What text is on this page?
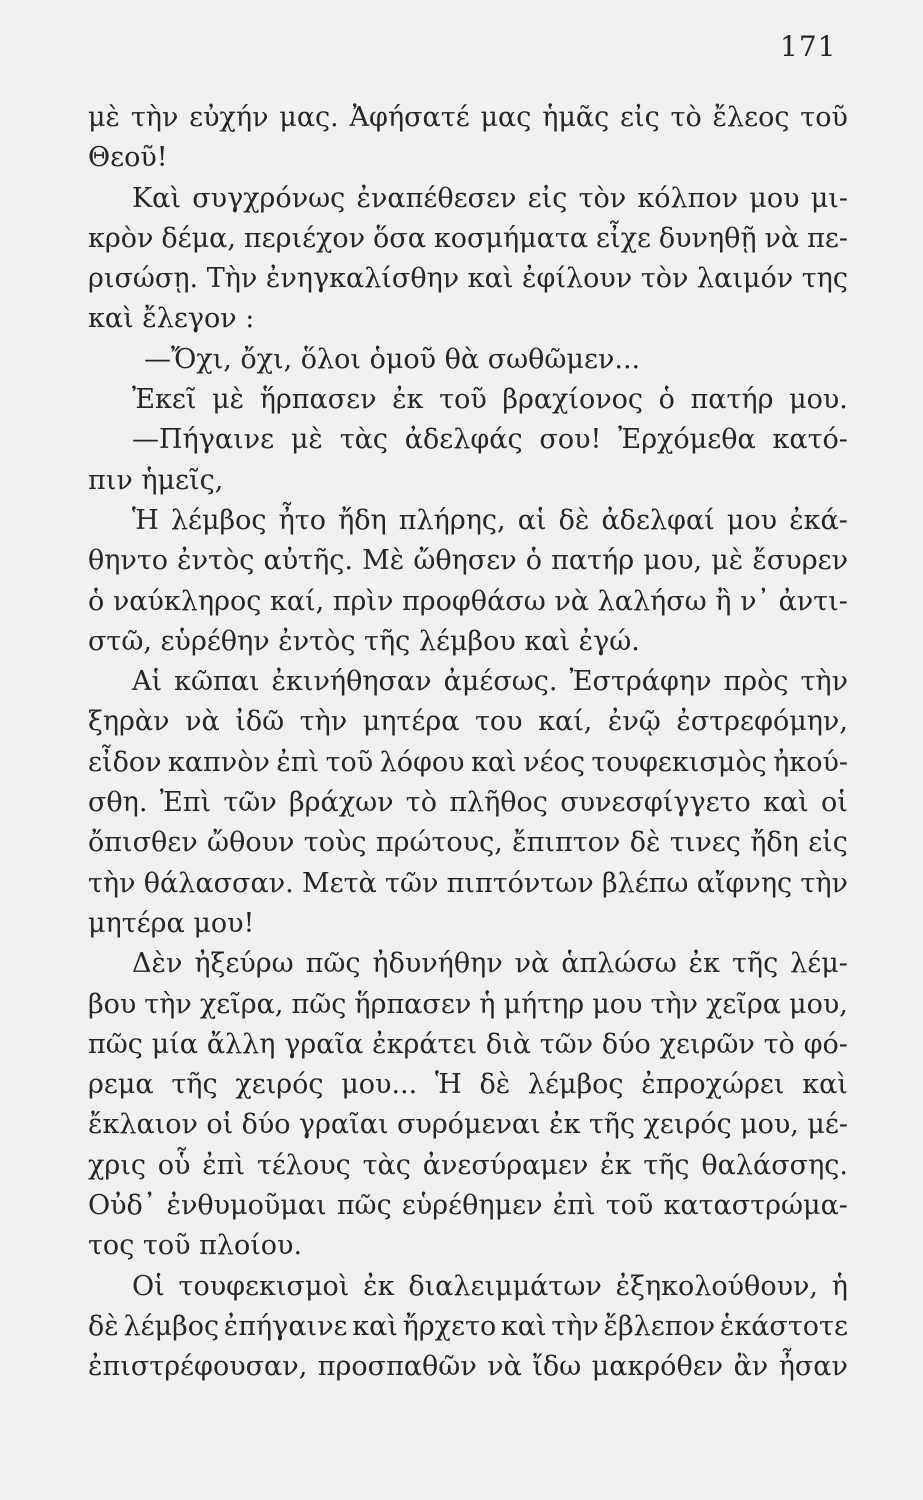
171
μὲ τὴν εὐχήν μας. Ἀφήσατέ μας ἡμᾶς εἰς τὸ ἔλεος τοῦ
Θεοῦ!
Καὶ συγχρόνως ἐναπέθεσεν εἰς τὸν κόλπον μου μι-
κρὸν δέμα, περιέχον ὅσα κοσμήματα εἶχε δυνηθῇ νὰ πε-
ρισώσῃ. Τὴν ἐνηγκαλίσθην καὶ ἐφίλουν τὸν λαιμόν της
καὶ ἔλεγον :
—Ὄχι, ὄχι, ὅλοι ὁμοῦ θὰ σωθῶμεν...
Ἐκεῖ μὲ ἥρπασεν ἐκ τοῦ βραχίονος ὁ πατήρ μου.
—Πήγαινε μὲ τὰς ἀδελφάς σου! Ἐρχόμεθα κατό-
πιν ἡμεῖς,
Ἡ λέμβος ἦτο ἤδη πλήρης, αἱ δὲ ἀδελφαί μου ἐκά-
θηντο ἐντὸς αὐτῆς. Μὲ ὤθησεν ὁ πατήρ μου, μὲ ἔσυρεν
ὁ ναύκληρος καί, πρὶν προφθάσω νὰ λαλήσω ἢ ν᾽ ἀντι-
στῶ, εὑρέθην ἐντὸς τῆς λέμβου καὶ ἐγώ.
Αἱ κῶπαι ἐκινήθησαν ἀμέσως. Ἐστράφην πρὸς τὴν
ξηρὰν νὰ ἰδῶ τὴν μητέρα του καί, ἐνῷ ἐστρεφόμην,
εἶδον καπνὸν ἐπὶ τοῦ λόφου καὶ νέος τουφεκισμὸς ἠκού-
σθη. Ἐπὶ τῶν βράχων τὸ πλῆθος συνεσφίγγετο καὶ οἱ
ὄπισθεν ὤθουν τοὺς πρώτους, ἔπιπτον δὲ τινες ἤδη εἰς
τὴν θάλασσαν. Μετὰ τῶν πιπτόντων βλέπω αἴφνης τὴν
μητέρα μου!
Δὲν ἠξεύρω πῶς ἠδυνήθην νὰ ἁπλώσω ἐκ τῆς λέμ-
βου τὴν χεῖρα, πῶς ἥρπασεν ἡ μήτηρ μου τὴν χεῖρα μου,
πῶς μία ἄλλη γραῖα ἐκράτει διὰ τῶν δύο χειρῶν τὸ φό-
ρεμα τῆς χειρός μου... Ἡ δὲ λέμβος ἐπροχώρει καὶ
ἔκλαιον οἱ δύο γραῖαι συρόμεναι ἐκ τῆς χειρός μου, μέ-
χρις οὗ ἐπὶ τέλους τὰς ἀνεσύραμεν ἐκ τῆς θαλάσσης.
Οὐδ᾽ ἐνθυμοῦμαι πῶς εὑρέθημεν ἐπὶ τοῦ καταστρώμα-
τος τοῦ πλοίου.
Οἱ τουφεκισμοὶ ἐκ διαλειμμάτων ἐξηκολούθουν, ἡ
δὲ λέμβος ἐπήγαινε καὶ ἤρχετο καὶ τὴν ἔβλεπον ἑκάστοτε
ἐπιστρέφουσαν, προσπαθῶν νὰ ἴδω μακρόθεν ἂν ἦσαν
